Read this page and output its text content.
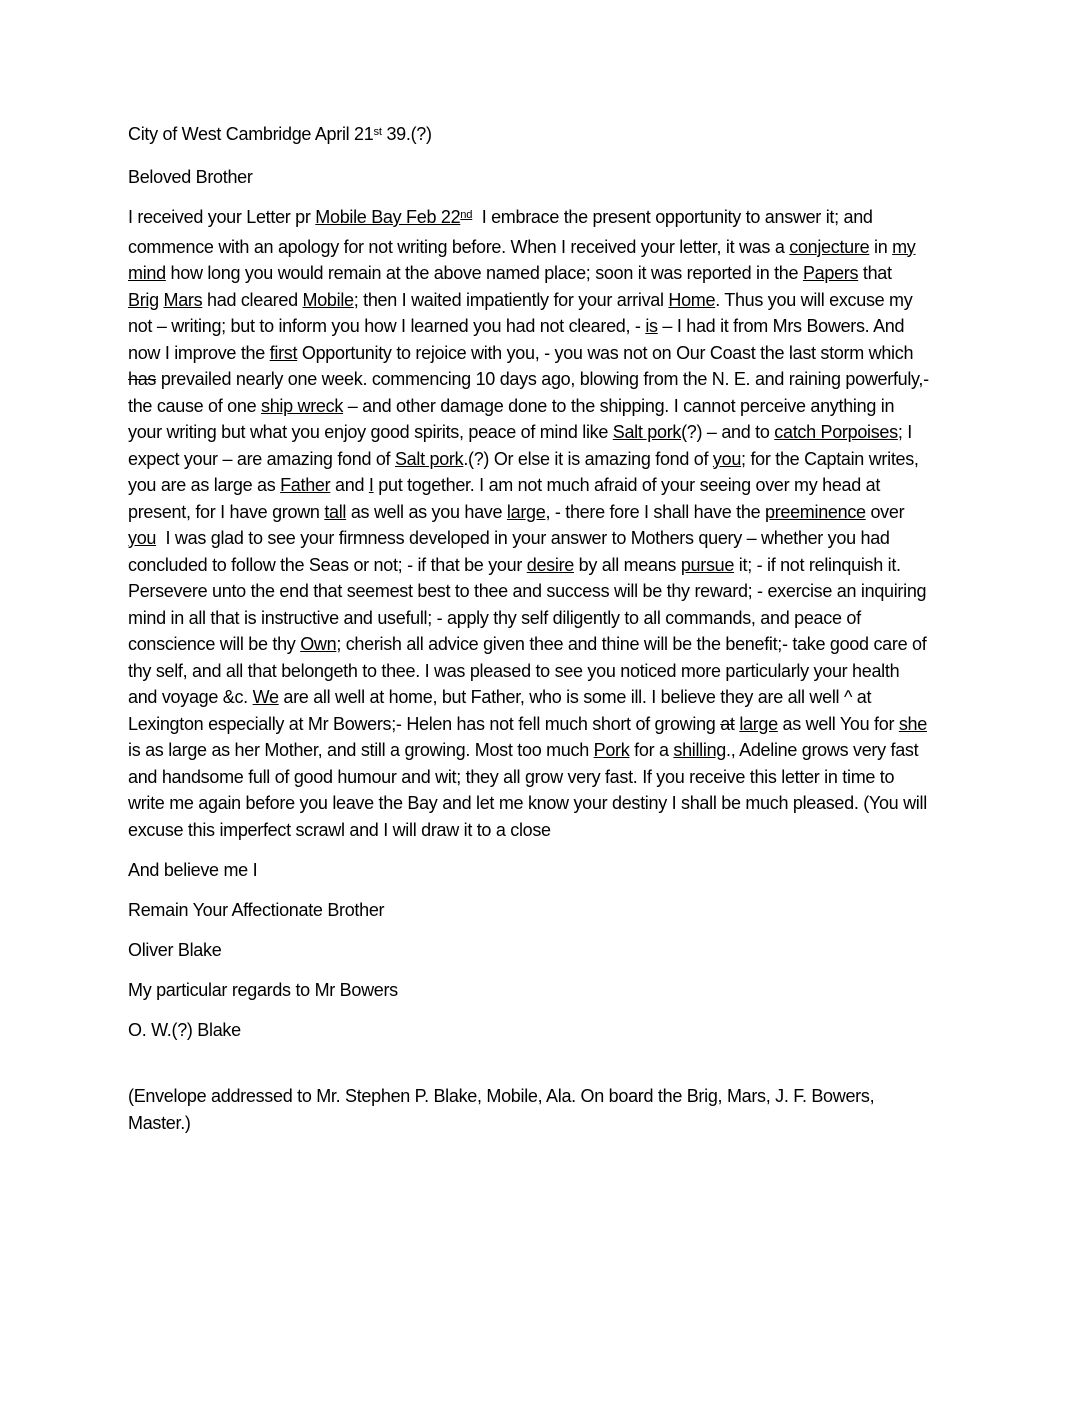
City of West Cambridge April 21st 39.(?)

Beloved Brother

I received your Letter pr Mobile Bay Feb 22nd  I embrace the present opportunity to answer it; and
commence with an apology for not writing before. When I received your letter, it was a conjecture in my
mind how long you would remain at the above named place; soon it was reported in the Papers that
Brig Mars had cleared Mobile; then I waited impatiently for your arrival Home. Thus you will excuse my
not – writing; but to inform you how I learned you had not cleared, - is – I had it from Mrs Bowers. And
now I improve the first Opportunity to rejoice with you, - you was not on Our Coast the last storm which
has prevailed nearly one week. commencing 10 days ago, blowing from the N. E. and raining powerfuly,-
the cause of one ship wreck – and other damage done to the shipping. I cannot perceive anything in
your writing but what you enjoy good spirits, peace of mind like Salt pork(?) – and to catch Porpoises; I
expect your – are amazing fond of Salt pork.(?) Or else it is amazing fond of you; for the Captain writes,
you are as large as Father and I put together. I am not much afraid of your seeing over my head at
present, for I have grown tall as well as you have large, - there fore I shall have the preeminence over
you  I was glad to see your firmness developed in your answer to Mothers query – whether you had
concluded to follow the Seas or not; - if that be your desire by all means pursue it; - if not relinquish it.
Persevere unto the end that seemest best to thee and success will be thy reward; - exercise an inquiring
mind in all that is instructive and usefull; - apply thy self diligently to all commands, and peace of
conscience will be thy Own; cherish all advice given thee and thine will be the benefit;- take good care of
thy self, and all that belongeth to thee. I was pleased to see you noticed more particularly your health
and voyage &c. We are all well at home, but Father, who is some ill. I believe they are all well ^ at
Lexington especially at Mr Bowers;- Helen has not fell much short of growing at large as well You for she
is as large as her Mother, and still a growing. Most too much Pork for a shilling., Adeline grows very fast
and handsome full of good humour and wit; they all grow very fast. If you receive this letter in time to
write me again before you leave the Bay and let me know your destiny I shall be much pleased. (You will
excuse this imperfect scrawl and I will draw it to a close

And believe me I

Remain Your Affectionate Brother

Oliver Blake

My particular regards to Mr Bowers

O. W.(?) Blake

(Envelope addressed to Mr. Stephen P. Blake, Mobile, Ala. On board the Brig, Mars, J. F. Bowers,
Master.)
